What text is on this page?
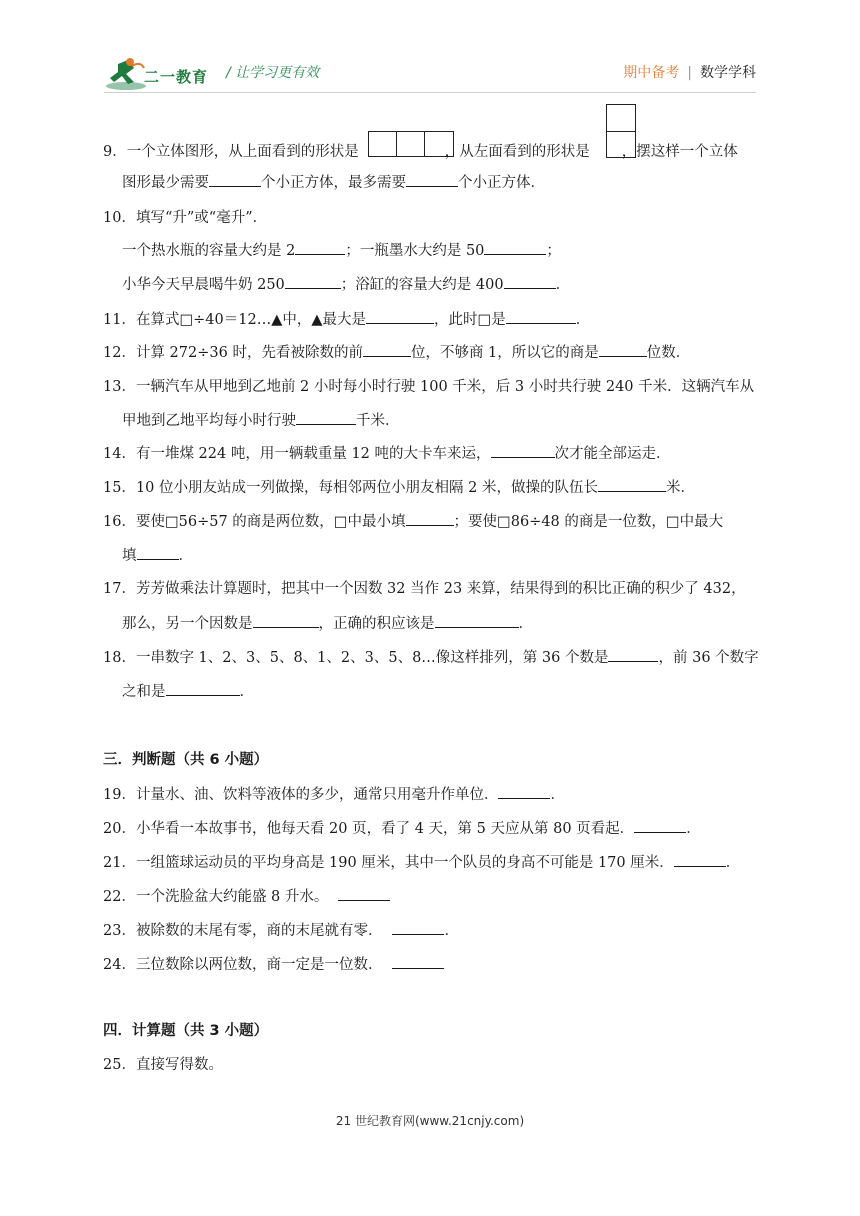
二一教育 / 让学习更有效	期中备考 | 数学学科
9．一个立体图形，从上面看到的形状是	，从左面看到的形状是 ，摆这样一个立体
图形最少需要	个小正方体，最多需要	个小正方体．
10．填写“升”或“毫升”．
一个热水瓶的容量大约是 2	；一瓶墨水大约是 50	；
小华今天早晨喝牛奶 250	；浴缸的容量大约是 400	．
11．在算式□÷40＝12…▲中，▲最大是	，此时□是	．
12．计算 272÷36 时，先看被除数的前	位，不够商 1，所以它的商是	位数．
13．一辆汽车从甲地到乙地前 2 小时每小时行驶 100 千米，后 3 小时共行驶 240 千米．这辆汽车从
甲地到乙地平均每小时行驶	千米．
14．有一堆煤 224 吨，用一辆载重量 12 吨的大卡车来运，	次才能全部运走．
15．10 位小朋友站成一列做操，每相邻两位小朋友相隔 2 米，做操的队伍长	米．
16．要使□56÷57 的商是两位数，□中最小填	；要使□86÷48 的商是一位数，□中最大
填	．
17．芳芳做乘法计算题时，把其中一个因数 32 当作 23 来算，结果得到的积比正确的积少了 432，
那么，另一个因数是	，正确的积应该是	．
18．一串数字 1、2、3、5、8、1、2、3、5、8…像这样排列，第 36 个数是	，前 36 个数字
之和是	．
三．判断题（共 6 小题）
19．计量水、油、饮料等液体的多少，通常只用毫升作单位．	．
20．小华看一本故事书，他每天看 20 页，看了 4 天，第 5 天应从第 80 页看起．	．
21．一组篮球运动员的平均身高是 190 厘米，其中一个队员的身高不可能是 170 厘米．	．
22．一个洗脸盆大约能盛 8 升水。
23．被除数的末尾有零，商的末尾就有零．	．
24．三位数除以两位数，商一定是一位数．
四．计算题（共 3 小题）
25．直接写得数。
21 世纪教育网(www.21cnjy.com)
